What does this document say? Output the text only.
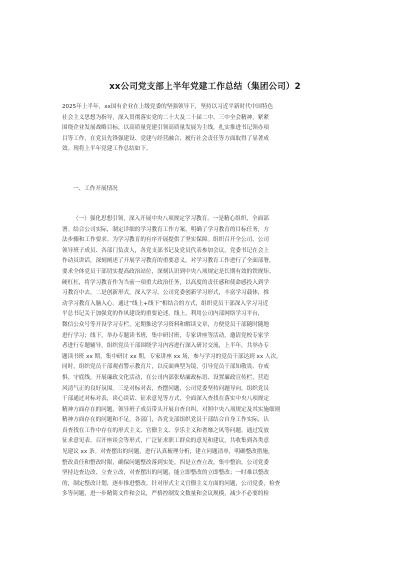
xx公司党支部上半年党建工作总结（集团公司）2
2025年上半年，xx国有企业在上级党委的坚强领导下，坚持以习近平新时代中国特色
社会主义思想为指导，深入贯彻落实党的二十大及二十届二中、三中全会精神，紧紧
围绕企业发展战略目标，以高质量党建引领高质量发展为主线，扎实推进书记领办项
目等工作，在党员先锋强建设、党建与经营融合、履行社会责任等方面取得了显著成
效。现将上半年党建工作总结如下。
一、工作开展情况
（一）强化思想引领，深入开展中央八项规定学习教育。一是精心组织，全面部
署。结合公司实际，制定详细的学习教育工作方案，明确了学习教育的目标任务，方
法步骤和工作要求。为学习教育的有序开展提供了坚实保障。组织召开全公司，公司
领导班子成员、各部门负责人，各党支部书记及党员代表参加会议。党委书记在会上
作动员讲话，深刻阐述了开展学习教育的重要意义，对学习教育工作进行了全面部署，
要求全体党员干部切实提高政治站位，深刻认识到中央八项规定是长期有效的铁规矩、
硬杠杠，将学习教育作为当前一项重大政治任务，以高度的责任感和使命感投入到学
习教育中去。二是创新形式，深入学习，公司党委创新学习形式，丰富学习载体，推
动学习教育入脑入心。通过“线上+线下”相结合的方式，组织党员干部深入学习习近
平总书记关于加强党的作风建设的重要论述，线上，利用公司内部网络学习平台，
微信公众号等开设学习专栏，定期推送学习资料和解读文章，方便党员干部随时随地
进行学习；线下，举办专题读书班，集中研讨班，专家讲座等活动，邀请党校专家学
者进行专题辅导，组织党员干部围绕学习内容进行深入研讨交流，上半年，共举办专
题读书班 xx 期，集中研讨 xx 期，专家讲座 xx 场，参与学习的党员干部达到 xx 人次。
同时，组织党员干部观看警示教育片，以反面典型为镜，引导党员干部知敬畏、存戒
惧、守底线。开展廉政文化活动，在公司内部张贴廉政标语、设置廉政宣传栏，营造
风清气正的良好氛围。三是对标对表，查摆问题，公司党委坚持问题导向，组织党员
干部通过对标对表，谈心谈话、征求意见等方式，全面深入查找在落实中央八项规定
精神方面存在的问题，领导班子成员带头开展自查自纠，对照中央八项规定及其实施细则
精神方面存在的问题和不足。各部门，各党支部组织党员干部结合自身工作实际，认
真查找在工作中存在的形式主义、官僚主义、享乐主义和奢靡之风等问题。通过发放
征求意见表、召开座谈会等形式，广泛征求职工群众的意见和建议，共收集到各类意
见建议 xx 条。对查摆出的问题，进行认真梳理分析，建立问题清单，明确整改措施，
整改责任和整改时限，确保问题整改落到实处。四是立查立改，集中整治，公司党委
坚持边查边改、立查立改，对查摆出的问题，能立即整改的立即整改；一时难以整改
的，制定整改计划，逐步推进整改。针对形式主义官僚主义方面的问题，公司党委，检查
多等问题，进一步精简文件和会议，严格控制发文数量和会议规模，减少不必要的检
